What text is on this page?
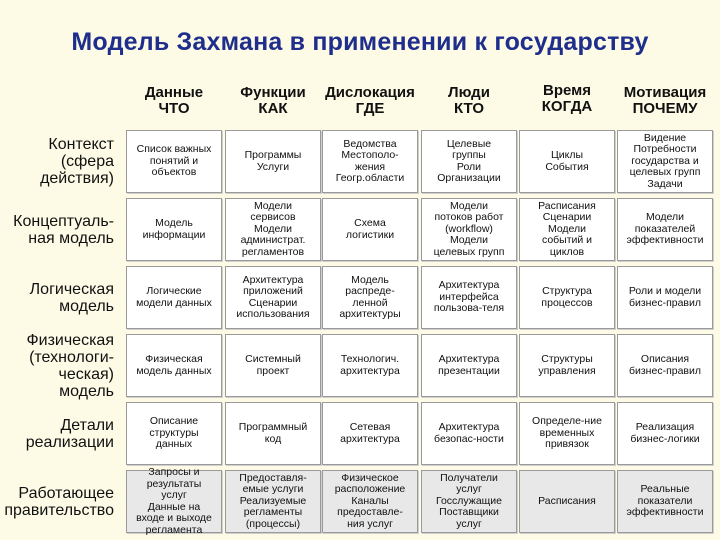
Модель Захмана в применении к государству
Данные
ЧТО
Функции
КАК
Дислокация
ГДЕ
Люди
КТО
Время
КОГДА
Мотивация
ПОЧЕМУ
Контекст
(сфера
действия)
Список важных
понятий и
объектов
Программы
Услуги
Ведомства
Местополо-
жения
Геогр.области
Целевые
группы
Роли
Организации
Циклы
События
Видение
Потребности
государства и
целевых групп
Задачи
Концептуаль-
ная модель
Модель
информации
Модели
сервисов
Модели
администрат.
регламентов
Схема
логистики
Модели
потоков работ
(workflow)
Модели
целевых групп
Расписания
Сценарии
Модели
событий и
циклов
Модели
показателей
эффективности
Логическая
модель
Логические
модели данных
Архитектура
приложений
Сценарии
использования
Модель
распреде-
ленной
архитектуры
Архитектура
интерфейса
пользова-теля
Структура
процессов
Роли и модели
бизнес-правил
Физическая
(технологи-
ческая)
модель
Физическая
модель данных
Системный
проект
Технологич.
архитектура
Архитектура
презентации
Структуры
управления
Описания
бизнес-правил
Детали
реализации
Описание
структуры
данных
Программный
код
Сетевая
архитектура
Архитектура
безопас-ности
Определе-ние
временных
привязок
Реализация
бизнес-логики
Работающее
правительство
Запросы и
результаты
услуг
Данные на
входе и выходе
регламента
Предоставля-
емые услуги
Реализуемые
регламенты
(процессы)
Физическое
расположение
Каналы
предоставле-
ния услуг
Получатели
услуг
Госслужащие
Поставщики
услуг
Расписания
Реальные
показатели
эффективности
